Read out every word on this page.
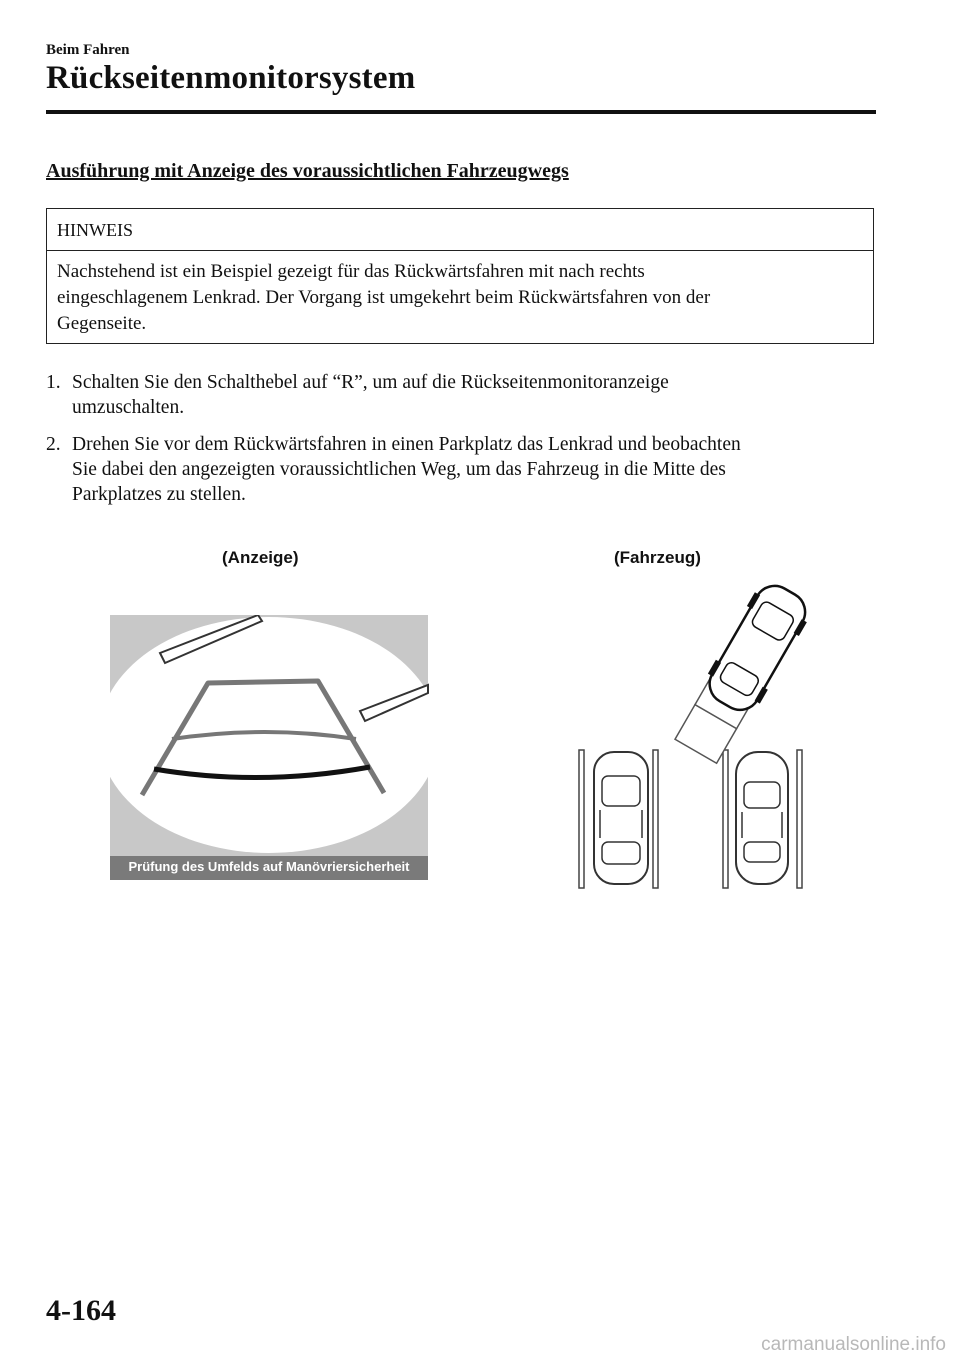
Beim Fahren
Rückseitenmonitorsystem
Ausführung mit Anzeige des voraussichtlichen Fahrzeugwegs
HINWEIS
Nachstehend ist ein Beispiel gezeigt für das Rückwärtsfahren mit nach rechts
eingeschlagenem Lenkrad. Der Vorgang ist umgekehrt beim Rückwärtsfahren von der
Gegenseite.
1. Schalten Sie den Schalthebel auf “R”, um auf die Rückseitenmonitoranzeige
umzuschalten.
2. Drehen Sie vor dem Rückwärtsfahren in einen Parkplatz das Lenkrad und beobachten
Sie dabei den angezeigten voraussichtlichen Weg, um das Fahrzeug in die Mitte des
Parkplatzes zu stellen.
(Anzeige)	(Fahrzeug)
Prüfung des Umfelds auf Manövriersicherheit
4-164
carmanualsonline.info
